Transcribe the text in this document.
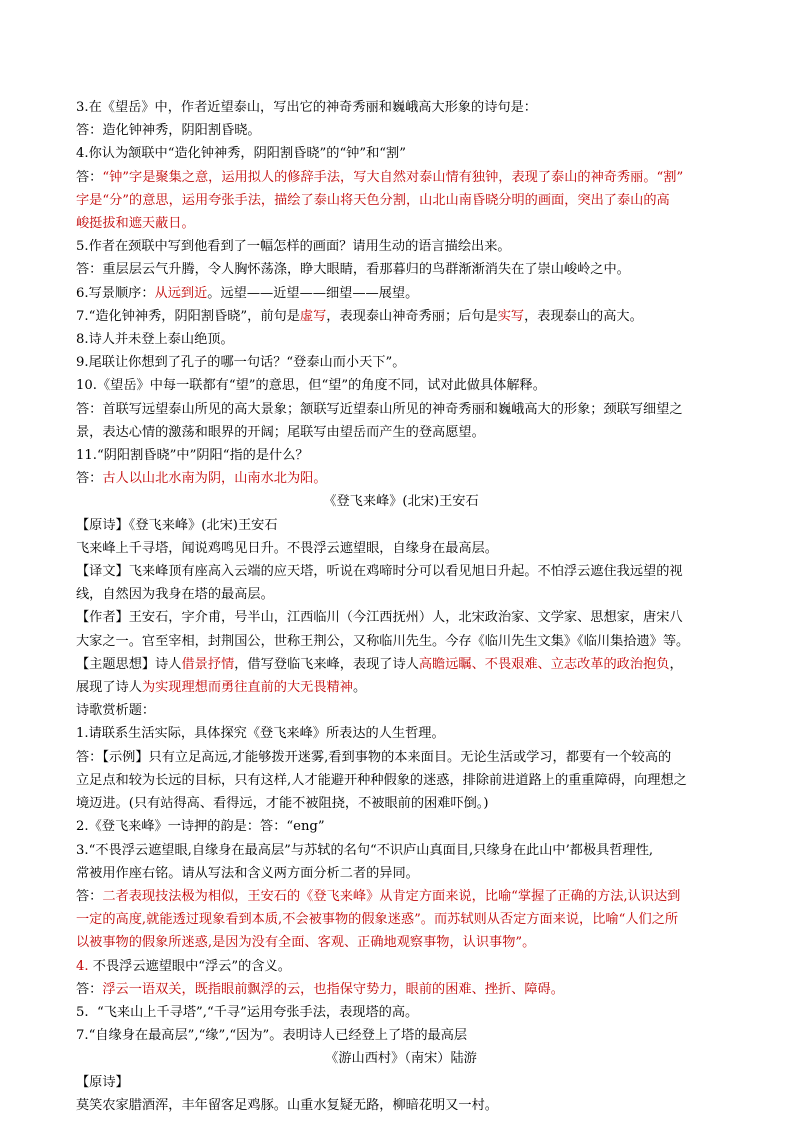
3.在《望岳》中，作者近望泰山，写出它的神奇秀丽和巍峨高大形象的诗句是：
答：造化钟神秀，阴阳割昏晓。
4.你认为颔联中“造化钟神秀，阴阳割昏晓”的“钟”和“割”
答：“钟”字是聚集之意，运用拟人的修辞手法，写大自然对泰山情有独钟，表现了泰山的神奇秀丽。“割”
字是“分”的意思，运用夸张手法，描绘了泰山将天色分割，山北山南昏晓分明的画面，突出了泰山的高
峻挺拔和遮天蔽日。
5.作者在颈联中写到他看到了一幅怎样的画面？请用生动的语言描绘出来。
答：重层层云气升腾，令人胸怀荡涤，睁大眼睛，看那暮归的鸟群渐渐消失在了崇山峻岭之中。
6.写景顺序：从远到近。远望——近望——细望——展望。
7.“造化钟神秀，阴阳割昏晓”，前句是虚写，表现泰山神奇秀丽；后句是实写，表现泰山的高大。
8.诗人并未登上泰山绝顶。
9.尾联让你想到了孔子的哪一句话？“登泰山而小天下”。
10.《望岳》中每一联都有“望”的意思，但“望”的角度不同，试对此做具体解释。
答：首联写远望泰山所见的高大景象；颔联写近望泰山所见的神奇秀丽和巍峨高大的形象；颈联写细望之
景，表达心情的激荡和眼界的开阔；尾联写由望岳而产生的登高愿望。
11.“阴阳割昏晓”中”阴阳“指的是什么？
答：古人以山北水南为阴，山南水北为阳。
《登飞来峰》(北宋)王安石
【原诗】《登飞来峰》(北宋)王安石
飞来峰上千寻塔，闻说鸡鸣见日升。不畏浮云遮望眼，自缘身在最高层。
【译文】飞来峰顶有座高入云端的应天塔，听说在鸡啼时分可以看见旭日升起。不怕浮云遮住我远望的视
线，自然因为我身在塔的最高层。
【作者】王安石，字介甫，号半山，江西临川（今江西抚州）人，北宋政治家、文学家、思想家，唐宋八
大家之一。官至宰相，封荆国公，世称王荆公，又称临川先生。今存《临川先生文集》《临川集拾遗》等。
【主题思想】诗人借景抒情，借写登临飞来峰，表现了诗人高瞻远瞩、不畏艰难、立志改革的政治抱负，
展现了诗人为实现理想而勇往直前的大无畏精神。
诗歌赏析题：
1.请联系生活实际，具体探究《登飞来峰》所表达的人生哲理。
答：【示例】只有立足高远,才能够拨开迷雾,看到事物的本来面目。无论生活或学习，都要有一个较高的
立足点和较为长远的目标，只有这样,人才能避开种种假象的迷惑，排除前进道路上的重重障碍，向理想之
境迈进。(只有站得高、看得远，才能不被阻挠，不被眼前的困难吓倒。)
2.《登飞来峰》一诗押的韵是：答：“eng”
3.“不畏浮云遮望眼,自缘身在最高层”与苏轼的名句“不识庐山真面目,只缘身在此山中’都极具哲理性,
常被用作座右铭。请从写法和含义两方面分析二者的异同。
答：二者表现技法极为相似，王安石的《登飞来峰》从肯定方面来说，比喻“掌握了正确的方法,认识达到
一定的高度,就能透过现象看到本质,不会被事物的假象迷惑”。而苏轼则从否定方面来说，比喻“人们之所
以被事物的假象所迷惑,是因为没有全面、客观、正确地观察事物，认识事物”。
4. 不畏浮云遮望眼中“浮云”的含义。
答：浮云一语双关，既指眼前飘浮的云，也指保守势力，眼前的困难、挫折、障碍。
5.  “飞来山上千寻塔”,“千寻”运用夸张手法，表现塔的高。
7.“自缘身在最高层”,“缘”,“因为”。表明诗人已经登上了塔的最高层
《游山西村》（南宋）陆游
【原诗】
莫笑农家腊酒浑，丰年留客足鸡豚。山重水复疑无路，柳暗花明又一村。
